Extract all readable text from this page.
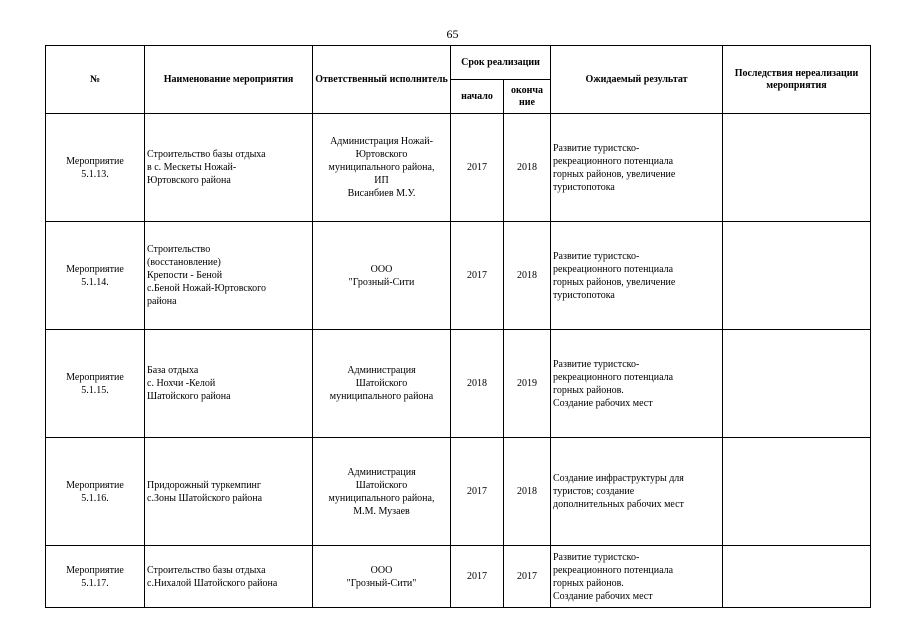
65
№	Наименование мероприятия	Ответственный исполнитель	Срок реализации		Ожидаемый результат	Последствия нереализации мероприятия
			начало	оконча
ние		

Мероприятие
5.1.13.	Строительство базы отдыха
в с. Мескеты Ножай-
Юртовского района	Администрация Ножай-
Юртовского
муниципального района,
ИП
Висанбиев М.У.	2017	2018	Развитие туристско-
рекреационного потенциала
горных районов, увеличение
туристопотока	

Мероприятие
5.1.14.	Строительство
(восстановление)
Крепости - Беной
с.Беной Ножай-Юртовского
района	ООО
"Грозный-Сити	2017	2018	Развитие туристско-
рекреационного потенциала
горных районов, увеличение
туристопотока	

Мероприятие
5.1.15.	База отдыха
с. Нохчи -Келой
Шатойского района	Администрация
Шатойского
муниципального района	2018	2019	Развитие туристско-
рекреационного потенциала
горных районов.
Создание рабочих мест	

Мероприятие
5.1.16.	Придорожный туркемпинг
с.Зоны Шатойского района	Администрация
Шатойского
муниципального района,
М.М. Музаев	2017	2018	Создание инфраструктуры для
туристов; создание
дополнительных рабочих мест	

Мероприятие
5.1.17.	Строительство базы отдыха
с.Нихалой Шатойского района	ООО
"Грозный-Сити"	2017	2017	Развитие туристско-
рекреационного потенциала
горных районов.
Создание рабочих мест	
